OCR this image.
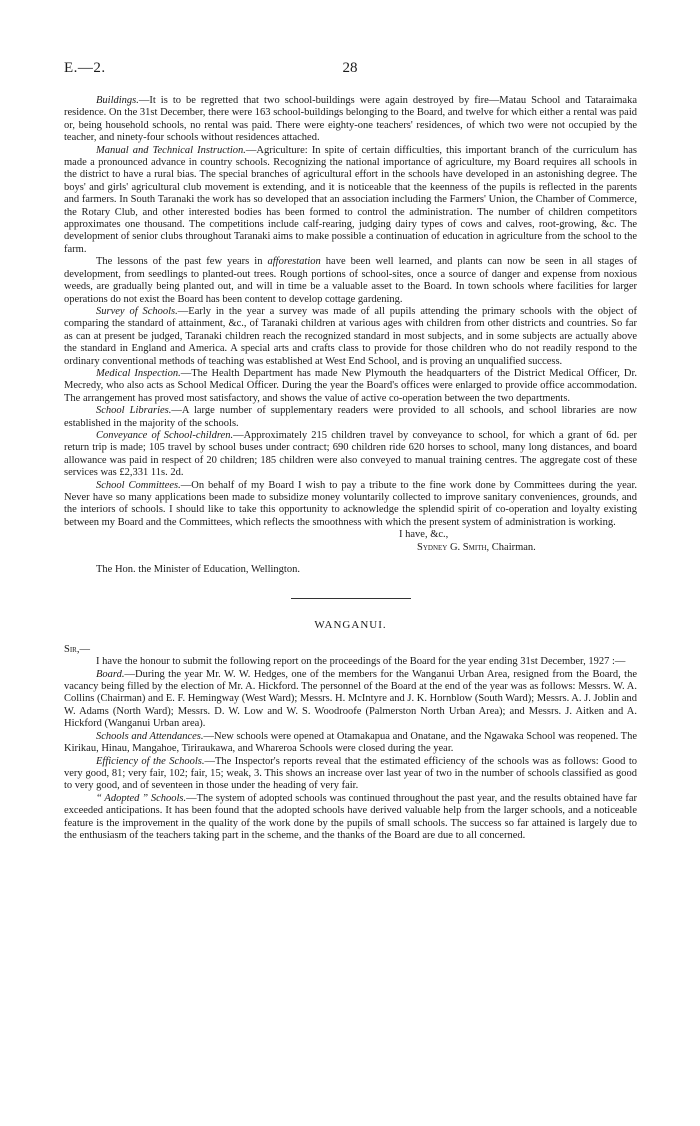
E.—2.	28

Buildings.—It is to be regretted that two school-buildings were again destroyed by fire—Matau School and Tataraimaka residence. On the 31st December, there were 163 school-buildings belonging to the Board, and twelve for which either a rental was paid or, being household schools, no rental was paid. There were eighty-one teachers' residences, of which two were not occupied by the teacher, and ninety-four schools without residences attached.

Manual and Technical Instruction.—Agriculture: In spite of certain difficulties, this important branch of the curriculum has made a pronounced advance in country schools. Recognizing the national importance of agriculture, my Board requires all schools in the district to have a rural bias. The special branches of agricultural effort in the schools have developed in an astonishing degree. The boys' and girls' agricultural club movement is extending, and it is noticeable that the keenness of the pupils is reflected in the parents and farmers. In South Taranaki the work has so developed that an association including the Farmers' Union, the Chamber of Commerce, the Rotary Club, and other interested bodies has been formed to control the administration. The number of children competitors approximates one thousand. The competitions include calf-rearing, judging dairy types of cows and calves, root-growing, &c. The development of senior clubs throughout Taranaki aims to make possible a continuation of education in agriculture from the school to the farm.

The lessons of the past few years in afforestation have been well learned, and plants can now be seen in all stages of development, from seedlings to planted-out trees. Rough portions of school-sites, once a source of danger and expense from noxious weeds, are gradually being planted out, and will in time be a valuable asset to the Board. In town schools where facilities for larger operations do not exist the Board has been content to develop cottage gardening.

Survey of Schools.—Early in the year a survey was made of all pupils attending the primary schools with the object of comparing the standard of attainment, &c., of Taranaki children at various ages with children from other districts and countries. So far as can at present be judged, Taranaki children reach the recognized standard in most subjects, and in some subjects are actually above the standard in England and America. A special arts and crafts class to provide for those children who do not readily respond to the ordinary conventional methods of teaching was established at West End School, and is proving an unqualified success.

Medical Inspection.—The Health Department has made New Plymouth the headquarters of the District Medical Officer, Dr. Mecredy, who also acts as School Medical Officer. During the year the Board's offices were enlarged to provide office accommodation. The arrangement has proved most satisfactory, and shows the value of active co-operation between the two departments.

School Libraries.—A large number of supplementary readers were provided to all schools, and school libraries are now established in the majority of the schools.

Conveyance of School-children.—Approximately 215 children travel by conveyance to school, for which a grant of 6d. per return trip is made; 105 travel by school buses under contract; 690 children ride 620 horses to school, many long distances, and board allowance was paid in respect of 20 children; 185 children were also conveyed to manual training centres. The aggregate cost of these services was £2,331 11s. 2d.

School Committees.—On behalf of my Board I wish to pay a tribute to the fine work done by Committees during the year. Never have so many applications been made to subsidize money voluntarily collected to improve sanitary conveniences, grounds, and the interiors of schools. I should like to take this opportunity to acknowledge the splendid spirit of co-operation and loyalty existing between my Board and the Committees, which reflects the smoothness with which the present system of administration is working.

I have, &c.,
Sydney G. Smith, Chairman.
The Hon. the Minister of Education, Wellington.
WANGANUI.
Sir,—

I have the honour to submit the following report on the proceedings of the Board for the year ending 31st December, 1927 :—

Board.—During the year Mr. W. W. Hedges, one of the members for the Wanganui Urban Area, resigned from the Board, the vacancy being filled by the election of Mr. A. Hickford. The personnel of the Board at the end of the year was as follows: Messrs. W. A. Collins (Chairman) and E. F. Hemingway (West Ward); Messrs. H. McIntyre and J. K. Hornblow (South Ward); Messrs. A. J. Joblin and W. Adams (North Ward); Messrs. D. W. Low and W. S. Woodroofe (Palmerston North Urban Area); and Messrs. J. Aitken and A. Hickford (Wanganui Urban area).

Schools and Attendances.—New schools were opened at Otamakapua and Onatane, and the Ngawaka School was reopened. The Kirikau, Hinau, Mangahoe, Tiriraukawa, and Whareroa Schools were closed during the year.

Efficiency of the Schools.—The Inspector's reports reveal that the estimated efficiency of the schools was as follows: Good to very good, 81; very fair, 102; fair, 15; weak, 3. This shows an increase over last year of two in the number of schools classified as good to very good, and of seventeen in those under the heading of very fair.

“ Adopted ” Schools.—The system of adopted schools was continued throughout the past year, and the results obtained have far exceeded anticipations. It has been found that the adopted schools have derived valuable help from the larger schools, and a noticeable feature is the improvement in the quality of the work done by the pupils of small schools. The success so far attained is largely due to the enthusiasm of the teachers taking part in the scheme, and the thanks of the Board are due to all concerned.
